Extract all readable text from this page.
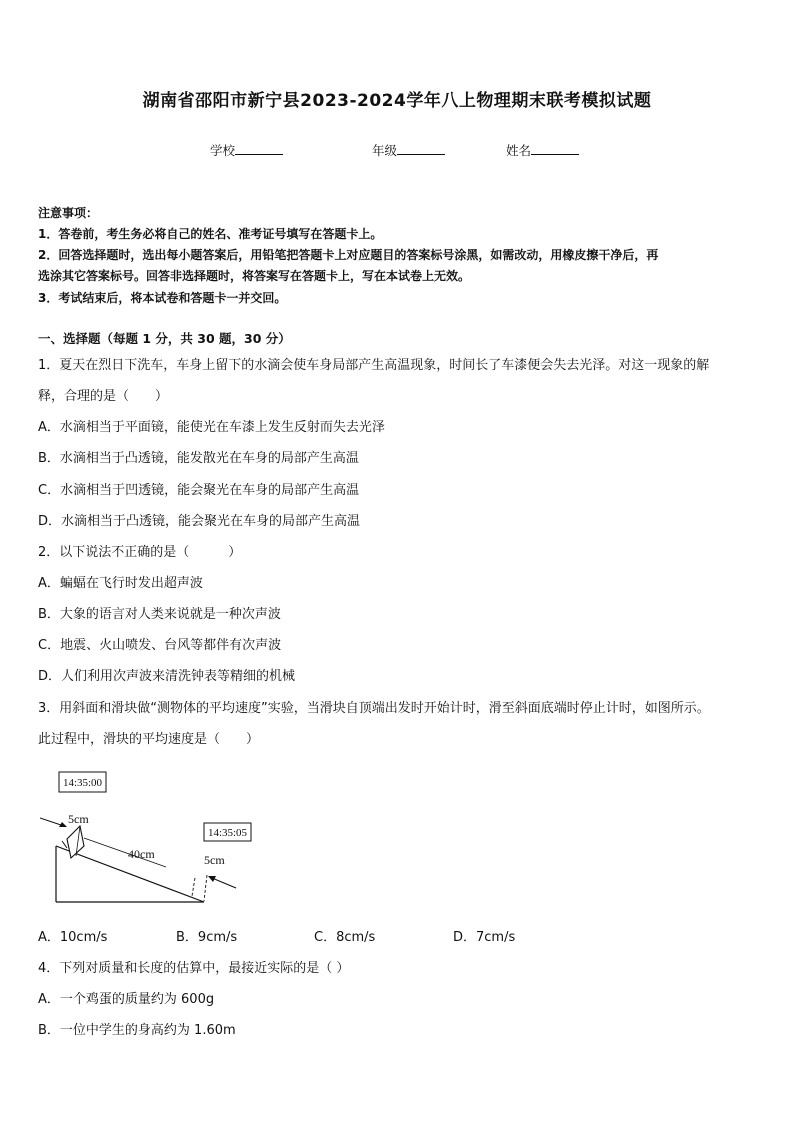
湖南省邵阳市新宁县2023-2024学年八上物理期末联考模拟试题
学校	年级	姓名
注意事项：
1．答卷前，考生务必将自己的姓名、准考证号填写在答题卡上。
2．回答选择题时，选出每小题答案后，用铅笔把答题卡上对应题目的答案标号涂黑，如需改动，用橡皮擦干净后，再
选涂其它答案标号。回答非选择题时，将答案写在答题卡上，写在本试卷上无效。
3．考试结束后，将本试卷和答题卡一并交回。
一、选择题（每题 1 分，共 30 题，30 分）
1．夏天在烈日下洗车，车身上留下的水滴会使车身局部产生高温现象，时间长了车漆便会失去光泽。对这一现象的解
释，合理的是（　　）
A．水滴相当于平面镜，能使光在车漆上发生反射而失去光泽
B．水滴相当于凸透镜，能发散光在车身的局部产生高温
C．水滴相当于凹透镜，能会聚光在车身的局部产生高温
D．水滴相当于凸透镜，能会聚光在车身的局部产生高温
2．以下说法不正确的是（　　　）
A．蝙蝠在飞行时发出超声波
B．大象的语言对人类来说就是一种次声波
C．地震、火山喷发、台风等都伴有次声波
D．人们利用次声波来清洗钟表等精细的机械
3．用斜面和滑块做“测物体的平均速度”实验，当滑块自顶端出发时开始计时，滑至斜面底端时停止计时，如图所示。
此过程中，滑块的平均速度是（　　）
14:35:00
14:35:05
5cm
40cm	5cm
A．10cm/s	B．9cm/s	C．8cm/s	D．7cm/s
4．下列对质量和长度的估算中，最接近实际的是（ ）
A．一个鸡蛋的质量约为 600g
B．一位中学生的身高约为 1.60m
